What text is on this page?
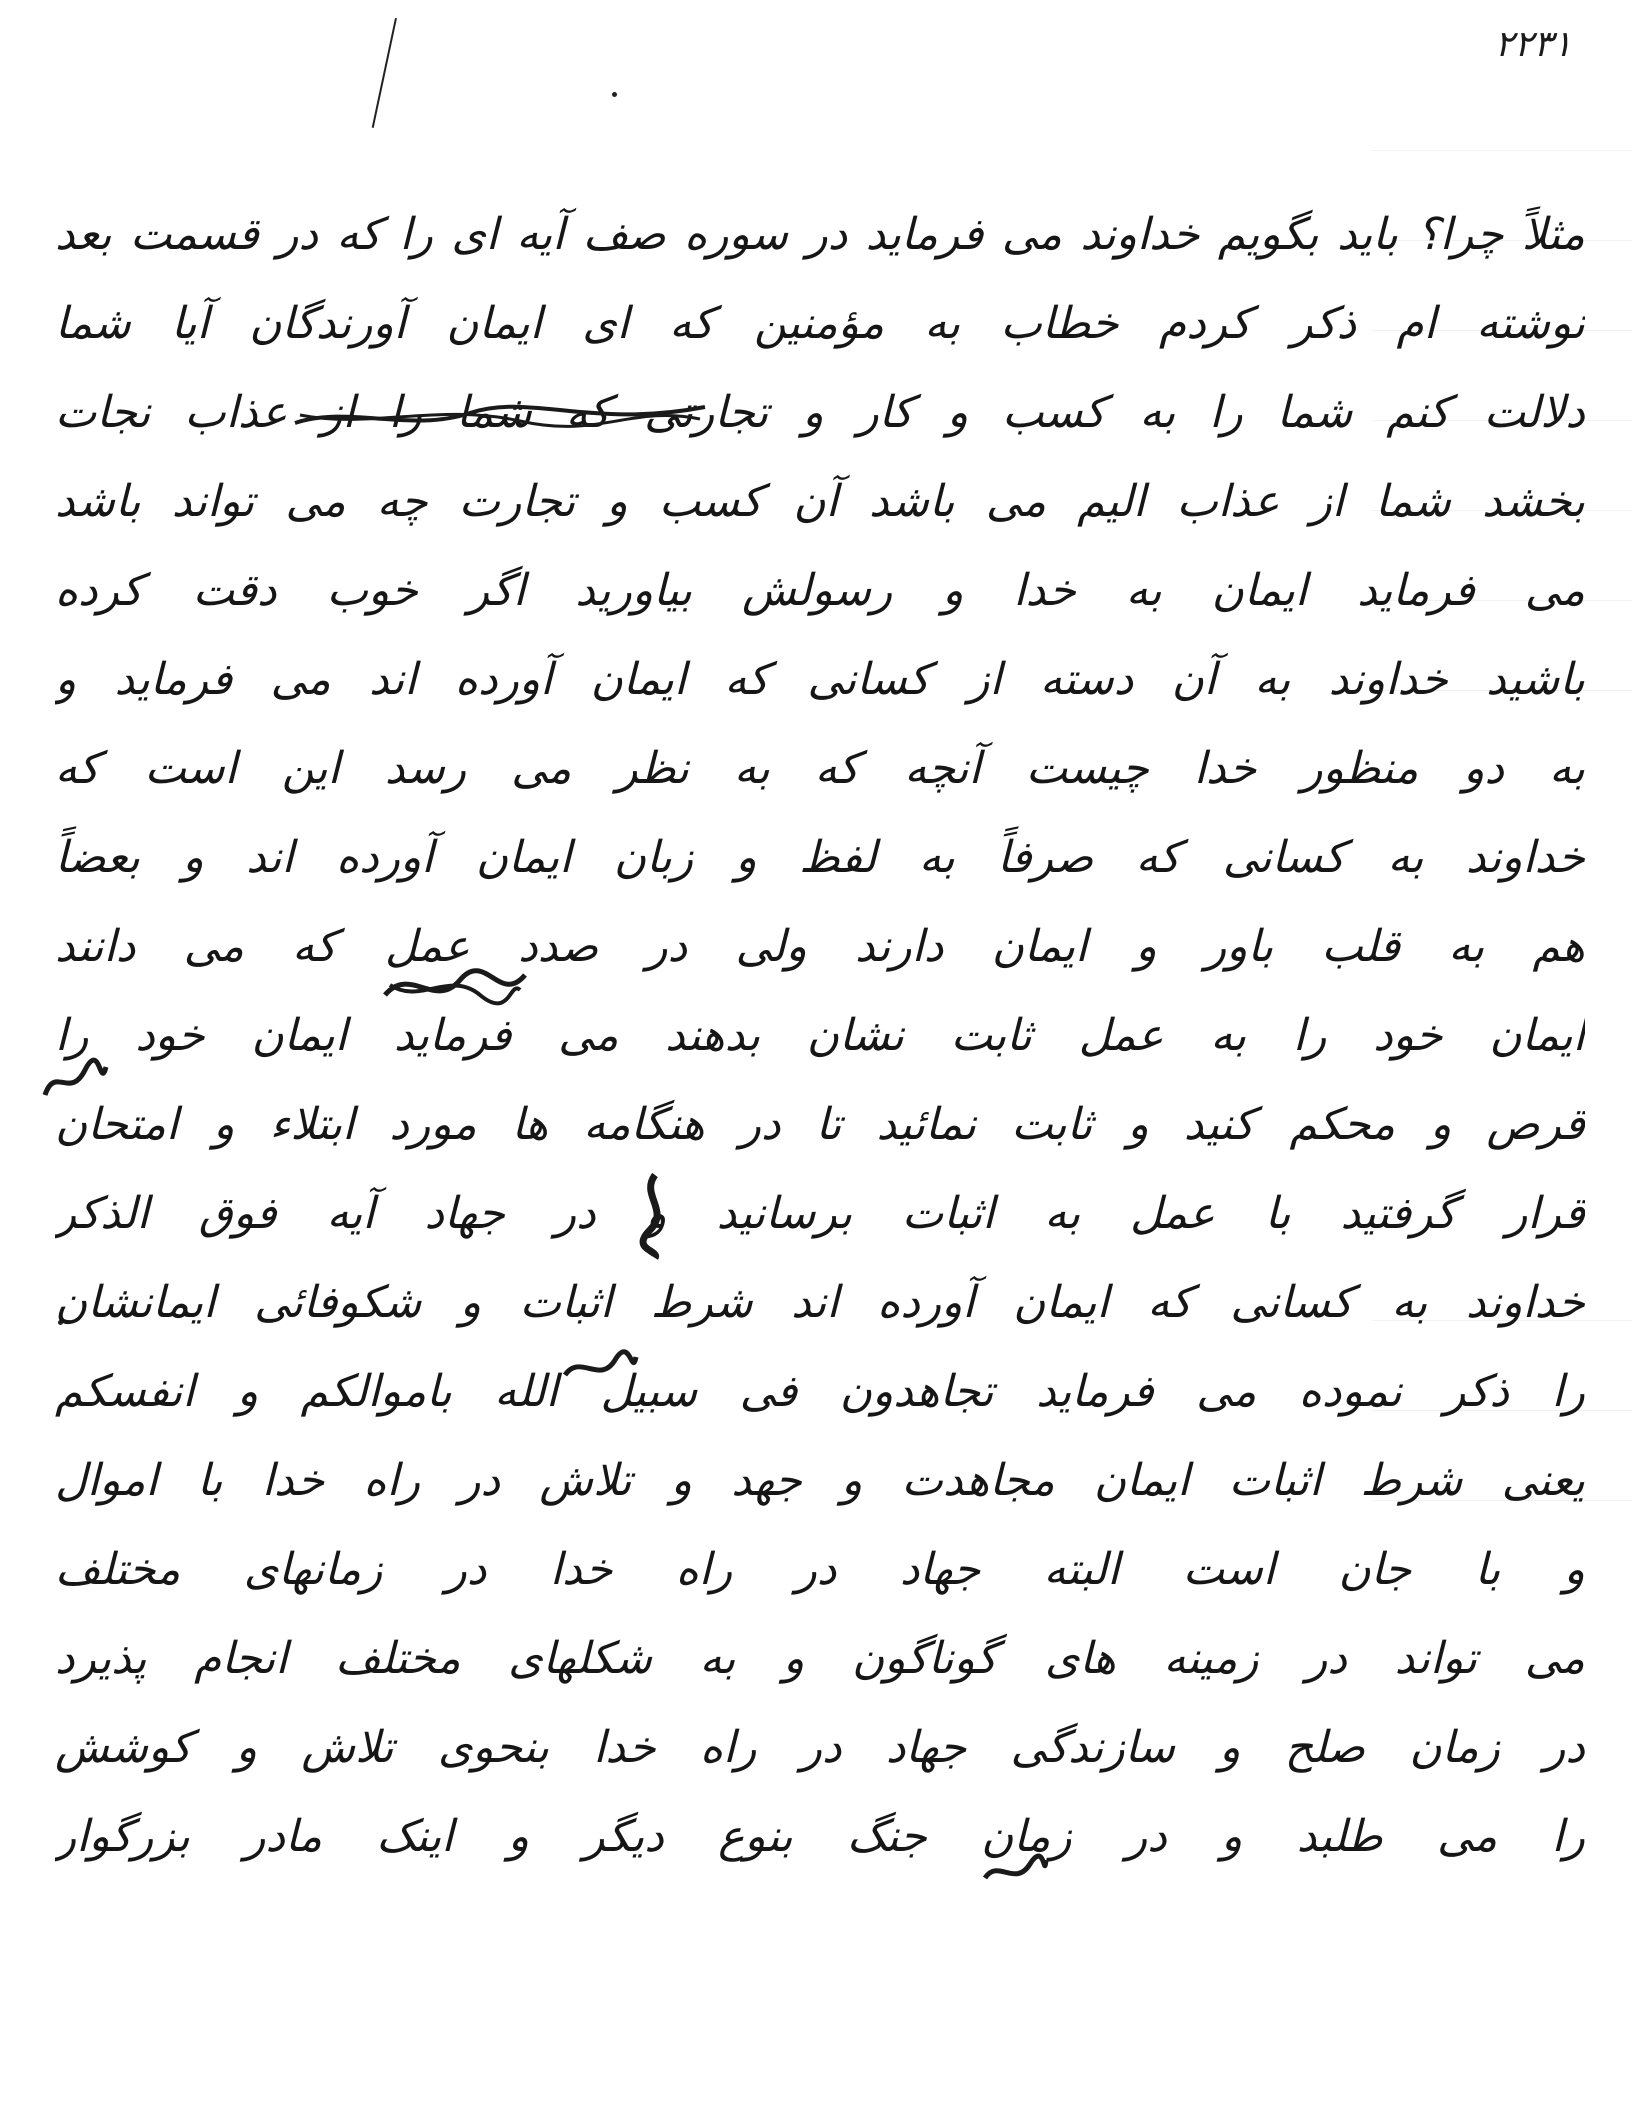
۲۲۳۱
مثلاً چرا؟ باید بگویم خداوند می فرماید در سوره صف آیه ای را که در قسمت بعد
نوشته ام ذکر کردم خطاب به مؤمنین که ای ایمان آورندگان آیا شما
دلالت کنم شما را به کسب و کار و تجارتی که شما را از عذاب نجات
بخشد شما از عذاب الیم می باشد آن کسب و تجارت چه می تواند باشد
می فرماید ایمان به خدا و رسولش بیاورید اگر خوب دقت کرده
باشید خداوند به آن دسته از کسانی که ایمان آورده اند می فرماید و
به دو منظور خدا چیست آنچه که به نظر می رسد این است که
خداوند به کسانی که صرفاً به لفظ و زبان ایمان آورده اند و بعضاً
هم به قلب باور و ایمان دارند ولی در صدد عمل که می دانند
ایمان خود را به عمل ثابت نشان بدهند می فرماید ایمان خود را
قرص و محکم کنید و ثابت نمائید تا در هنگامه ها مورد ابتلاء و امتحان
قرار گرفتید با عمل به اثبات برسانید و در جهاد آیه فوق الذکر
خداوند به کسانی که ایمان آورده اند شرط اثبات و شکوفائی ایمانشان
را ذکر نموده می فرماید تجاهدون فی سبیل الله باموالکم و انفسکم
یعنی شرط اثبات ایمان مجاهدت و جهد و تلاش در راه خدا با اموال
و با جان است البته جهاد در راه خدا در زمانهای مختلف
می تواند در زمینه های گوناگون و به شکلهای مختلف انجام پذیرد
در زمان صلح و سازندگی جهاد در راه خدا بنحوی تلاش و کوشش
را می طلبد و در زمان جنگ بنوع دیگر و اینک مادر بزرگوار
